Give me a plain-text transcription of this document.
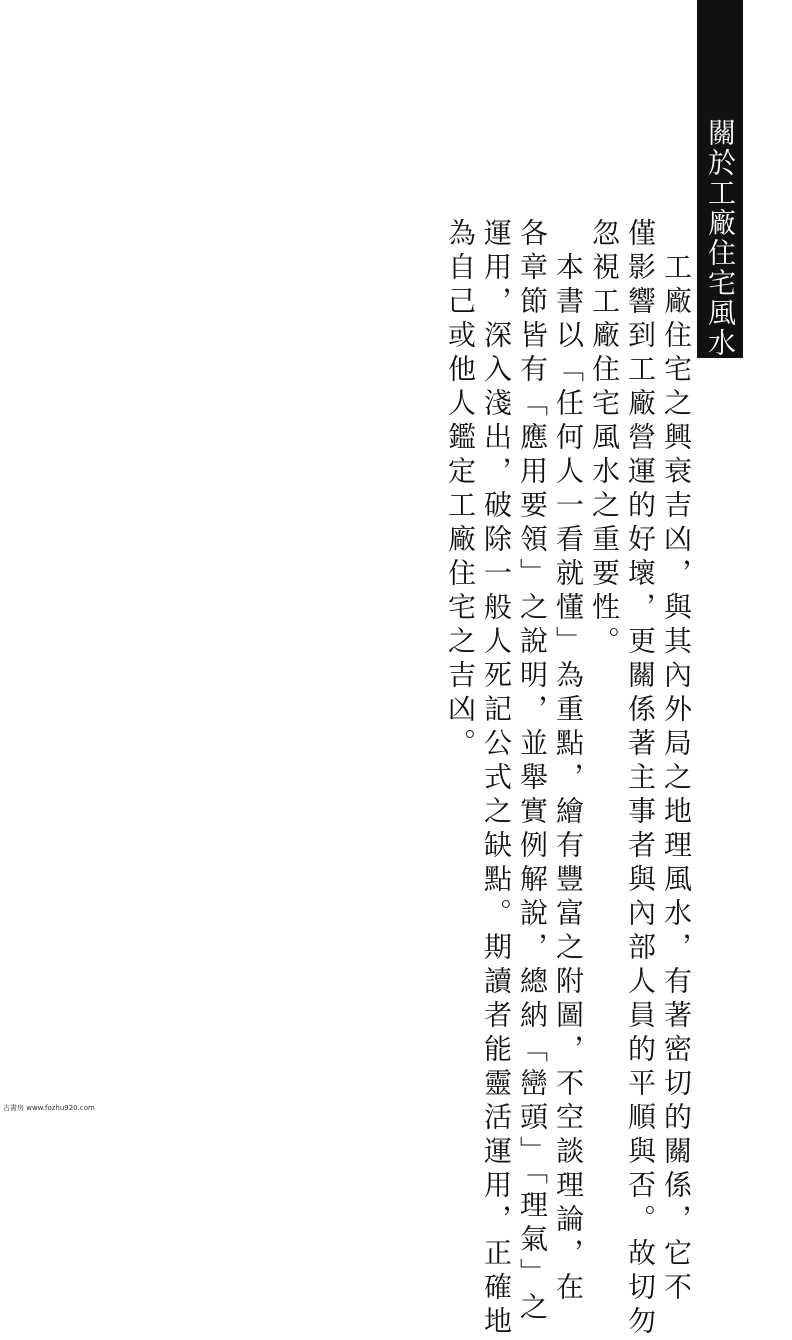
關於工廠住宅風水學
　工廠住宅之興衰吉凶，與其內外局之地理風水，有著密切的關係，它不
僅影響到工廠營運的好壞，更關係著主事者與內部人員的平順與否。故切勿
忽視工廠住宅風水之重要性。
　本書以「任何人一看就懂」為重點，繪有豐富之附圖，不空談理論，在
各章節皆有「應用要領」之說明，並舉實例解說，總納「巒頭」「理氣」之
運用，深入淺出，破除一般人死記公式之缺點。期讀者能靈活運用，正確地
為自己或他人鑑定工廠住宅之吉凶。
古書房 www.fozhu920.com
